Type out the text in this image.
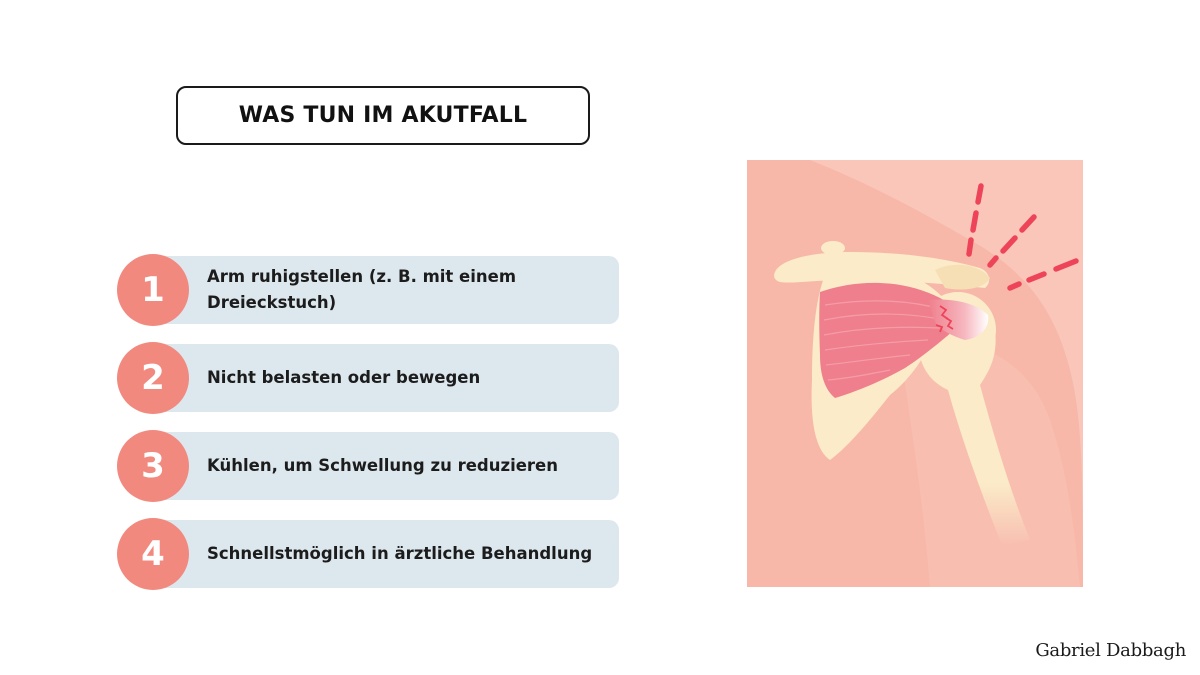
WAS TUN IM AKUTFALL
1	Arm ruhigstellen (z. B. mit einem Dreieckstuch)
2	Nicht belasten oder bewegen
3	Kühlen, um Schwellung zu reduzieren
4	Schnellstmöglich in ärztliche Behandlung
Gabriel Dabbagh
